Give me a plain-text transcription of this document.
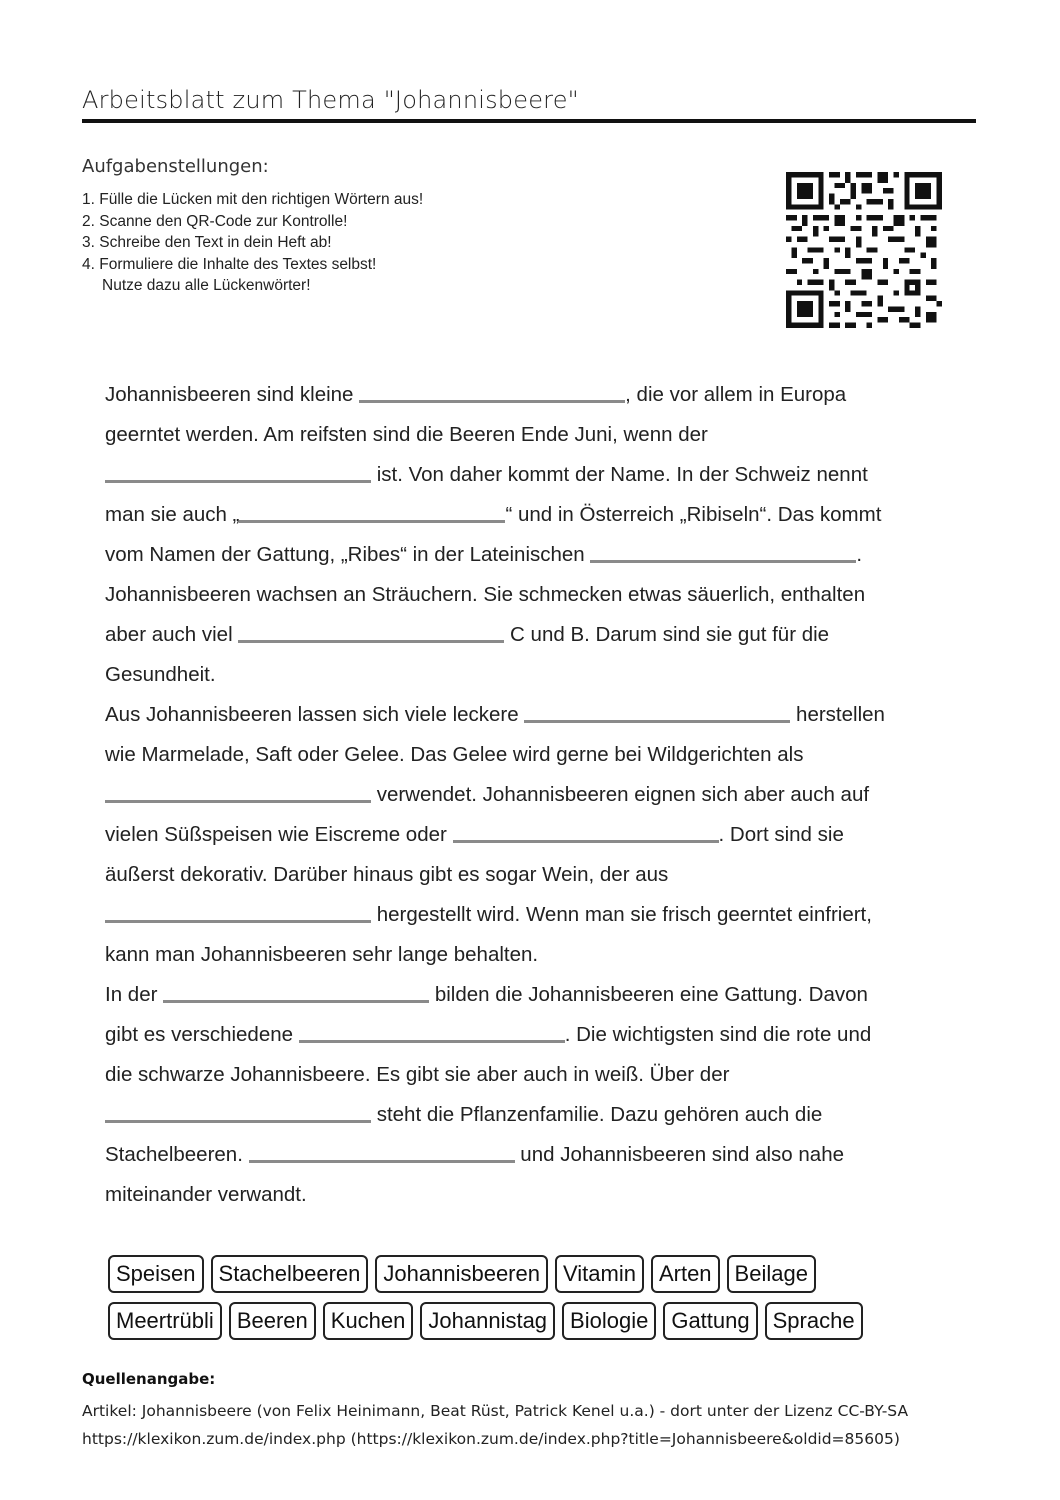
Arbeitsblatt zum Thema "Johannisbeere"
Aufgabenstellungen:
1. Fülle die Lücken mit den richtigen Wörtern aus!
2. Scanne den QR-Code zur Kontrolle!
3. Schreibe den Text in dein Heft ab!
4. Formuliere die Inhalte des Textes selbst!
Nutze dazu alle Lückenwörter!
Johannisbeeren sind kleine	, die vor allem in Europa
geerntet werden. Am reifsten sind die Beeren Ende Juni, wenn der
ist. Von daher kommt der Name. In der Schweiz nennt
man sie auch „	“ und in Österreich „Ribiseln“. Das kommt
vom Namen der Gattung, „Ribes“ in der Lateinischen	.
Johannisbeeren wachsen an Sträuchern. Sie schmecken etwas säuerlich, enthalten
aber auch viel	C und B. Darum sind sie gut für die
Gesundheit.
Aus Johannisbeeren lassen sich viele leckere	herstellen
wie Marmelade, Saft oder Gelee. Das Gelee wird gerne bei Wildgerichten als
verwendet. Johannisbeeren eignen sich aber auch auf
vielen Süßspeisen wie Eiscreme oder	. Dort sind sie
äußerst dekorativ. Darüber hinaus gibt es sogar Wein, der aus
hergestellt wird. Wenn man sie frisch geerntet einfriert,
kann man Johannisbeeren sehr lange behalten.
In der	bilden die Johannisbeeren eine Gattung. Davon
gibt es verschiedene	. Die wichtigsten sind die rote und
die schwarze Johannisbeere. Es gibt sie aber auch in weiß. Über der
steht die Pflanzenfamilie. Dazu gehören auch die
Stachelbeeren.	und Johannisbeeren sind also nahe
miteinander verwandt.
Speisen	Stachelbeeren	Johannisbeeren	Vitamin	Arten	Beilage
Meertrübli	Beeren	Kuchen	Johannistag	Biologie	Gattung	Sprache
Quellenangabe:
Artikel: Johannisbeere (von Felix Heinimann, Beat Rüst, Patrick Kenel u.a.) - dort unter der Lizenz CC-BY-SA
https://klexikon.zum.de/index.php (https://klexikon.zum.de/index.php?title=Johannisbeere&oldid=85605)
